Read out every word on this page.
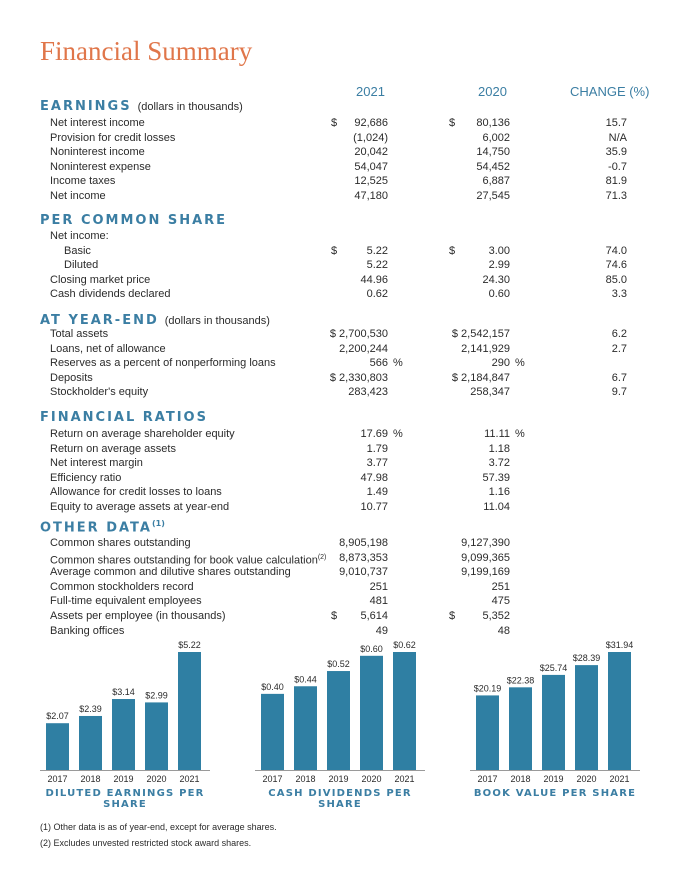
Financial Summary
2021	2020	CHANGE (%)
EARNINGS (dollars in thousands)
Net interest income	$ 92,686	$ 80,136	15.7
Provision for credit losses	(1,024)	6,002	N/A
Noninterest income	20,042	14,750	35.9
Noninterest expense	54,047	54,452	-0.7
Income taxes	12,525	6,887	81.9
Net income	47,180	27,545	71.3
PER COMMON SHARE
Net income:
Basic	$	5.22	$	3.00	74.0
Diluted	5.22	2.99	74.6
Closing market price	44.96	24.30	85.0
Cash dividends declared	0.62	0.60	3.3
AT YEAR-END (dollars in thousands)
Total assets	$ 2,700,530	$ 2,542,157	6.2
Loans, net of allowance	2,200,244	2,141,929	2.7
Reserves as a percent of nonperforming loans	566 %	290 %
Deposits	$ 2,330,803	$ 2,184,847	6.7
Stockholder's equity	283,423	258,347	9.7
FINANCIAL RATIOS
Return on average shareholder equity	17.69 %	11.11 %
Return on average assets	1.79	1.18
Net interest margin	3.77	3.72
Efficiency ratio	47.98	57.39
Allowance for credit losses to loans	1.49	1.16
Equity to average assets at year-end	10.77	11.04
OTHER DATA$^{(1)}$
Common shares outstanding	8,905,198	9,127,390
Common shares outstanding for book value calculation$^{(2)}$ 8,873,353	9,099,365
Average common and dilutive shares outstanding	9,010,737	9,199,169
Common stockholders record	251	251
Full-time equivalent employees	481	475
Assets per employee (in thousands)	$ 5,614	$ 5,352
Banking offices	49	48
$2.07
2017
$2.39
2018
$3.14
2019
$2.99
2020
$5.22
2021
DILUTED EARNINGS PER SHARE
$0.40
2017
$0.44
2018
$0.52
2019
$0.60
2020
$0.62
2021
CASH DIVIDENDS PER SHARE
$20.19
2017
$22.38
2018
$25.74
2019
$28.39
2020
$31.94
2021
BOOK VALUE PER SHARE
(1) Other data is as of year-end, except for average shares.
(2) Excludes unvested restricted stock award shares.
